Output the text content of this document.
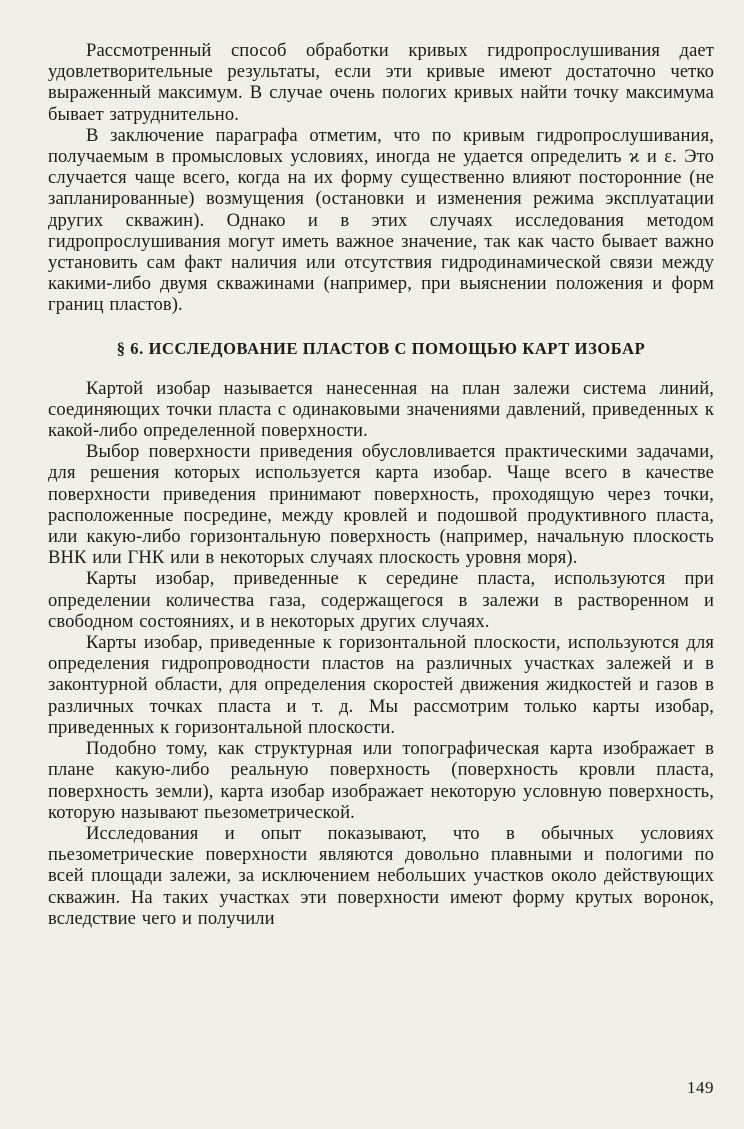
Рассмотренный способ обработки кривых гидропрослушивания дает удовлетворительные результаты, если эти кривые имеют достаточно четко выраженный максимум. В случае очень пологих кривых найти точку максимума бывает затруднительно.

В заключение параграфа отметим, что по кривым гидропрослушивания, получаемым в промысловых условиях, иногда не удается определить ϰ и ε. Это случается чаще всего, когда на их форму существенно влияют посторонние (не запланированные) возмущения (остановки и изменения режима эксплуатации других скважин). Однако и в этих случаях исследования методом гидропрослушивания могут иметь важное значение, так как часто бывает важно установить сам факт наличия или отсутствия гидродинамической связи между какими-либо двумя скважинами (например, при выяснении положения и форм границ пластов).

§ 6. ИССЛЕДОВАНИЕ ПЛАСТОВ С ПОМОЩЬЮ КАРТ ИЗОБАР

Картой изобар называется нанесенная на план залежи система линий, соединяющих точки пласта с одинаковыми значениями давлений, приведенных к какой-либо определенной поверхности.

Выбор поверхности приведения обусловливается практическими задачами, для решения которых используется карта изобар. Чаще всего в качестве поверхности приведения принимают поверхность, проходящую через точки, расположенные посредине, между кровлей и подошвой продуктивного пласта, или какую-либо горизонтальную поверхность (например, начальную плоскость ВНК или ГНК или в некоторых случаях плоскость уровня моря).

Карты изобар, приведенные к середине пласта, используются при определении количества газа, содержащегося в залежи в растворенном и свободном состояниях, и в некоторых других случаях.

Карты изобар, приведенные к горизонтальной плоскости, используются для определения гидропроводности пластов на различных участках залежей и в законтурной области, для определения скоростей движения жидкостей и газов в различных точках пласта и т. д. Мы рассмотрим только карты изобар, приведенных к горизонтальной плоскости.

Подобно тому, как структурная или топографическая карта изображает в плане какую-либо реальную поверхность (поверхность кровли пласта, поверхность земли), карта изобар изображает некоторую условную поверхность, которую называют пьезометрической.

Исследования и опыт показывают, что в обычных условиях пьезометрические поверхности являются довольно плавными и пологими по всей площади залежи, за исключением небольших участков около действующих скважин. На таких участках эти поверхности имеют форму крутых воронок, вследствие чего и получили

149
